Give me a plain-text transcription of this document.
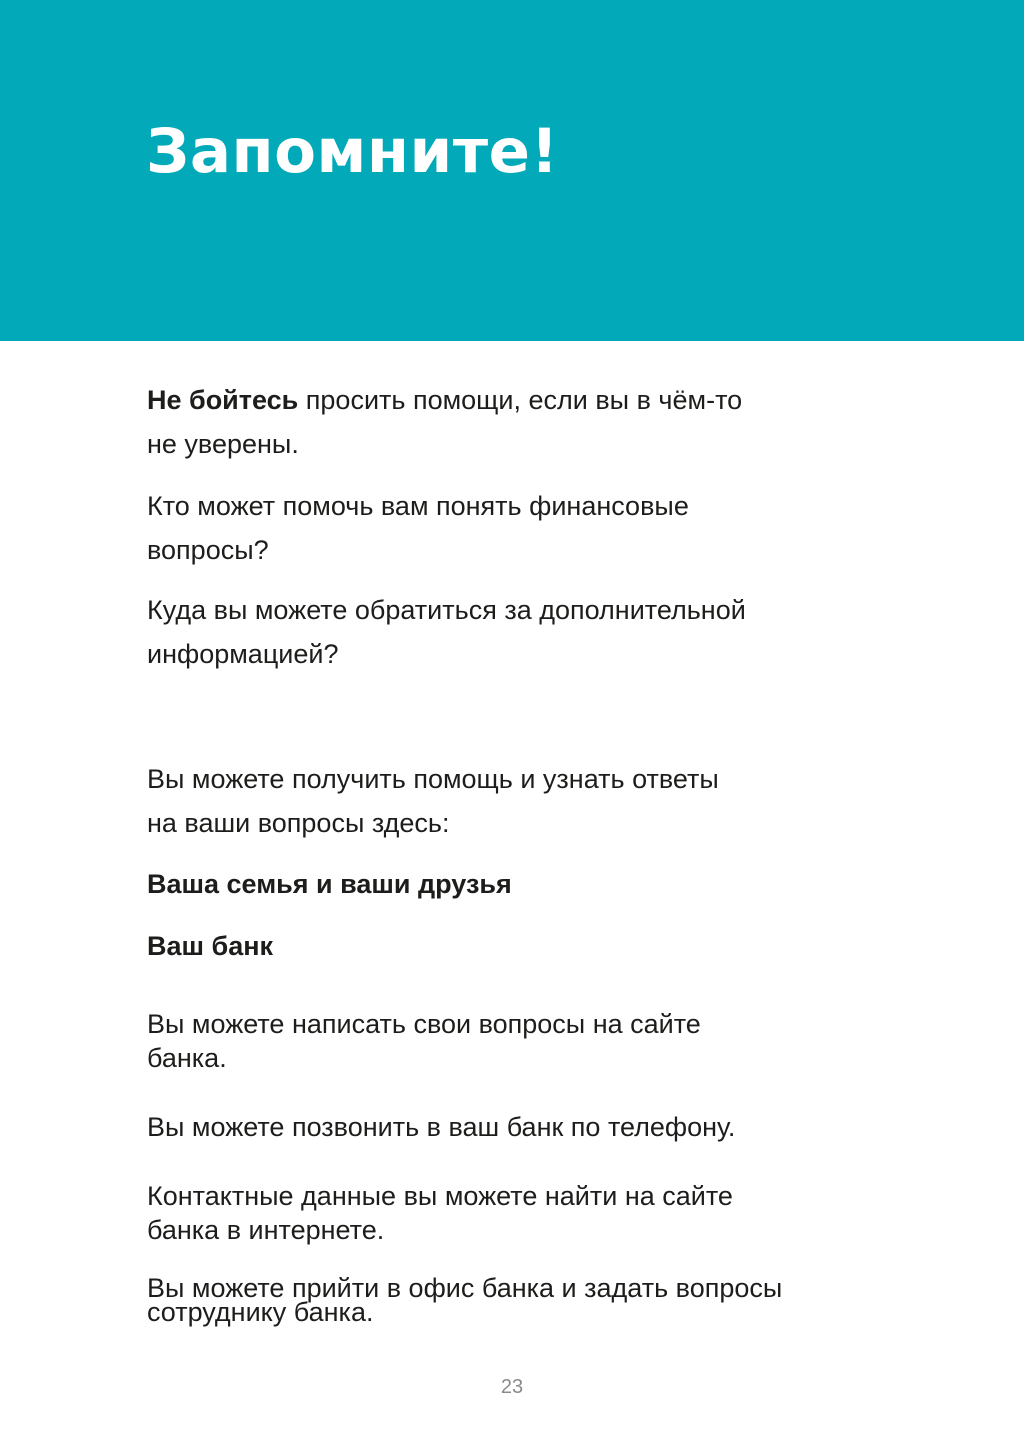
Запомните!

Не бойтесь просить помощи, если вы в чём-то
не уверены.

Кто может помочь вам понять финансовые
вопросы?

Куда вы можете обратиться за дополнительной
информацией?

Вы можете получить помощь и узнать ответы
на ваши вопросы здесь:

Ваша семья и ваши друзья

Ваш банк

Вы можете написать свои вопросы на сайте
банка.

Вы можете позвонить в ваш банк по телефону.

Контактные данные вы можете найти на сайте
банка в интернете.

Вы можете прийти в офис банка и задать вопросы
сотруднику банка.

23
